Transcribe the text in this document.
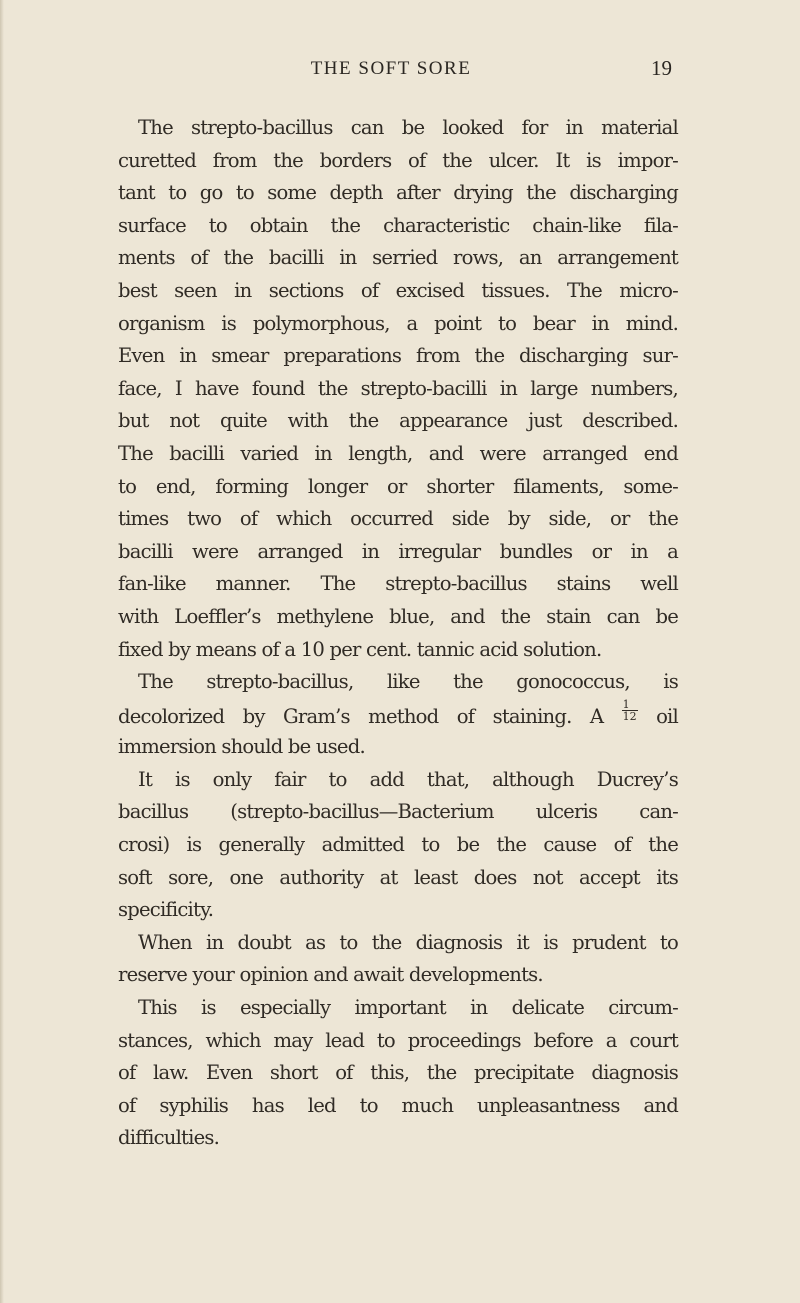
THE SOFT SORE	19
The strepto-bacillus can be looked for in material
curetted from the borders of the ulcer. It is impor-
tant to go to some depth after drying the discharging
surface to obtain the characteristic chain-like fila-
ments of the bacilli in serried rows, an arrangement
best seen in sections of excised tissues. The micro-
organism is polymorphous, a point to bear in mind.
Even in smear preparations from the discharging sur-
face, I have found the strepto-bacilli in large numbers,
but not quite with the appearance just described.
The bacilli varied in length, and were arranged end
to end, forming longer or shorter filaments, some-
times two of which occurred side by side, or the
bacilli were arranged in irregular bundles or in a
fan-like manner. The strepto-bacillus stains well
with Loeffler’s methylene blue, and the stain can be
fixed by means of a 10 per cent. tannic acid solution.
The strepto-bacillus, like the gonococcus, is
decolorized by Gram’s method of staining. A $\frac{1}{12}$ oil
immersion should be used.
It is only fair to add that, although Ducrey’s
bacillus (strepto-bacillus—Bacterium ulceris can-
crosi) is generally admitted to be the cause of the
soft sore, one authority at least does not accept its
specificity.
When in doubt as to the diagnosis it is prudent to
reserve your opinion and await developments.
This is especially important in delicate circum-
stances, which may lead to proceedings before a court
of law. Even short of this, the precipitate diagnosis
of syphilis has led to much unpleasantness and
difficulties.
